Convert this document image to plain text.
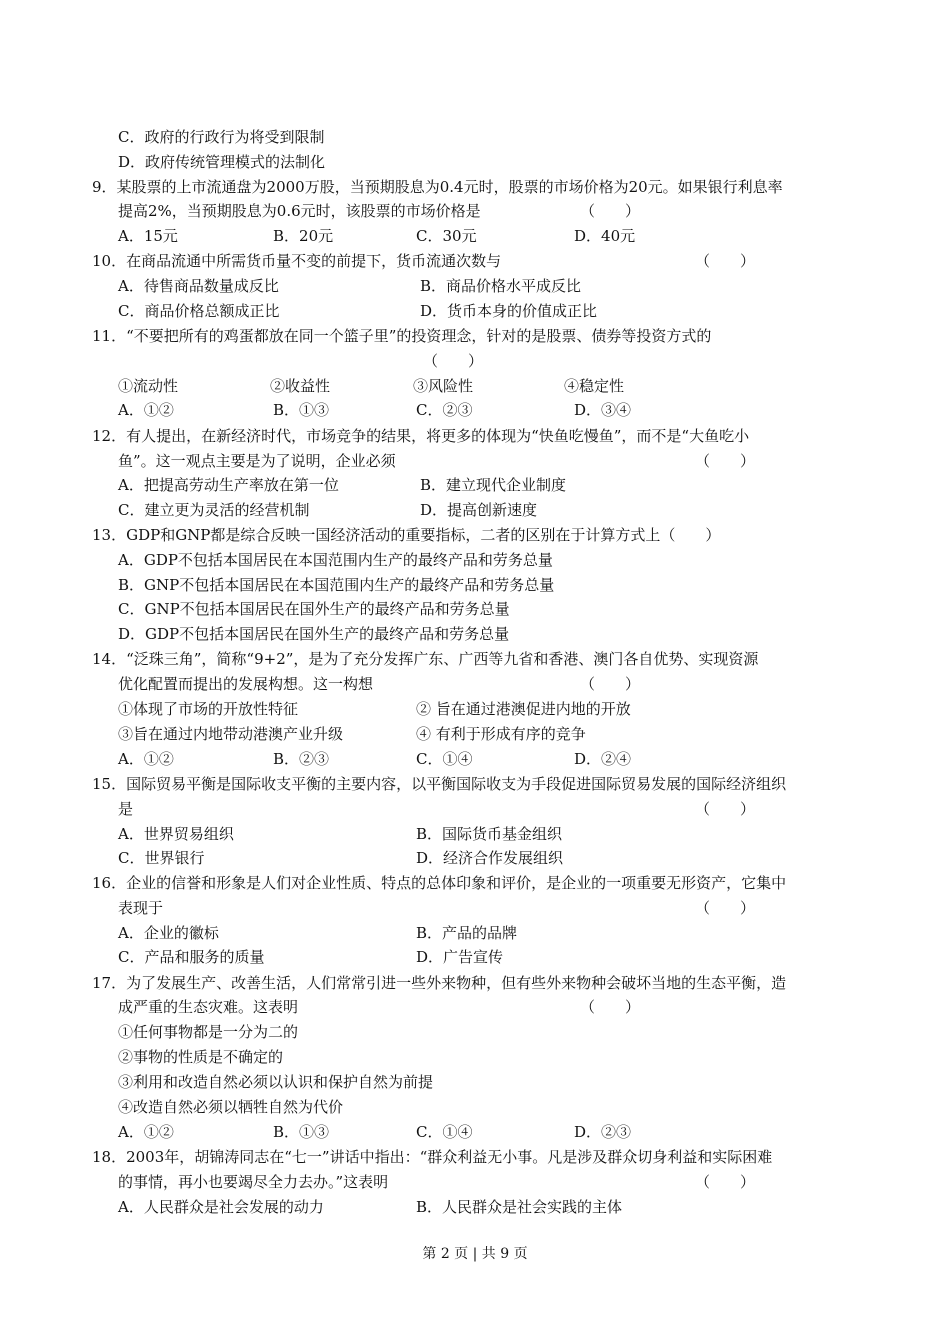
C．政府的行政行为将受到限制
D．政府传统管理模式的法制化
9．某股票的上市流通盘为2000万股，当预期股息为0.4元时，股票的市场价格为20元。如果银行利息率
提高2%，当预期股息为0.6元时，该股票的市场价格是	（　　）
A．15元	B．20元	C．30元	D．40元
10．在商品流通中所需货币量不变的前提下，货币流通次数与	（　　）
A．待售商品数量成反比	B．商品价格水平成反比
C．商品价格总额成正比	D．货币本身的价值成正比
11．“不要把所有的鸡蛋都放在同一个篮子里”的投资理念，针对的是股票、债券等投资方式的
（　　）
①流动性	②收益性	③风险性	④稳定性
A．①②	B．①③	C．②③	D．③④
12．有人提出，在新经济时代，市场竞争的结果，将更多的体现为“快鱼吃慢鱼”，而不是“大鱼吃小
鱼”。这一观点主要是为了说明，企业必须	（　　）
A．把提高劳动生产率放在第一位	B．建立现代企业制度
C．建立更为灵活的经营机制	D．提高创新速度
13．GDP和GNP都是综合反映一国经济活动的重要指标，二者的区别在于计算方式上（　　）
A．GDP不包括本国居民在本国范围内生产的最终产品和劳务总量
B．GNP不包括本国居民在本国范围内生产的最终产品和劳务总量
C．GNP不包括本国居民在国外生产的最终产品和劳务总量
D．GDP不包括本国居民在国外生产的最终产品和劳务总量
14．“泛珠三角”，简称“9+2”，是为了充分发挥广东、广西等九省和香港、澳门各自优势、实现资源
优化配置而提出的发展构想。这一构想	（　　）
①体现了市场的开放性特征	② 旨在通过港澳促进内地的开放
③旨在通过内地带动港澳产业升级	④ 有利于形成有序的竞争
A．①②	B．②③	C．①④	D．②④
15．国际贸易平衡是国际收支平衡的主要内容，以平衡国际收支为手段促进国际贸易发展的国际经济组织
是	（　　）
A．世界贸易组织	B．国际货币基金组织
C．世界银行	D．经济合作发展组织
16．企业的信誉和形象是人们对企业性质、特点的总体印象和评价，是企业的一项重要无形资产，它集中
表现于	（　　）
A．企业的徽标	B．产品的品牌
C．产品和服务的质量	D．广告宣传
17．为了发展生产、改善生活，人们常常引进一些外来物种，但有些外来物种会破坏当地的生态平衡，造
成严重的生态灾难。这表明	（　　）
①任何事物都是一分为二的
②事物的性质是不确定的
③利用和改造自然必须以认识和保护自然为前提
④改造自然必须以牺牲自然为代价
A．①②	B．①③	C．①④	D．②③
18．2003年，胡锦涛同志在“七一”讲话中指出：“群众利益无小事。凡是涉及群众切身利益和实际困难
的事情，再小也要竭尽全力去办。”这表明	（　　）
A．人民群众是社会发展的动力	B．人民群众是社会实践的主体
第 2 页 | 共 9 页
